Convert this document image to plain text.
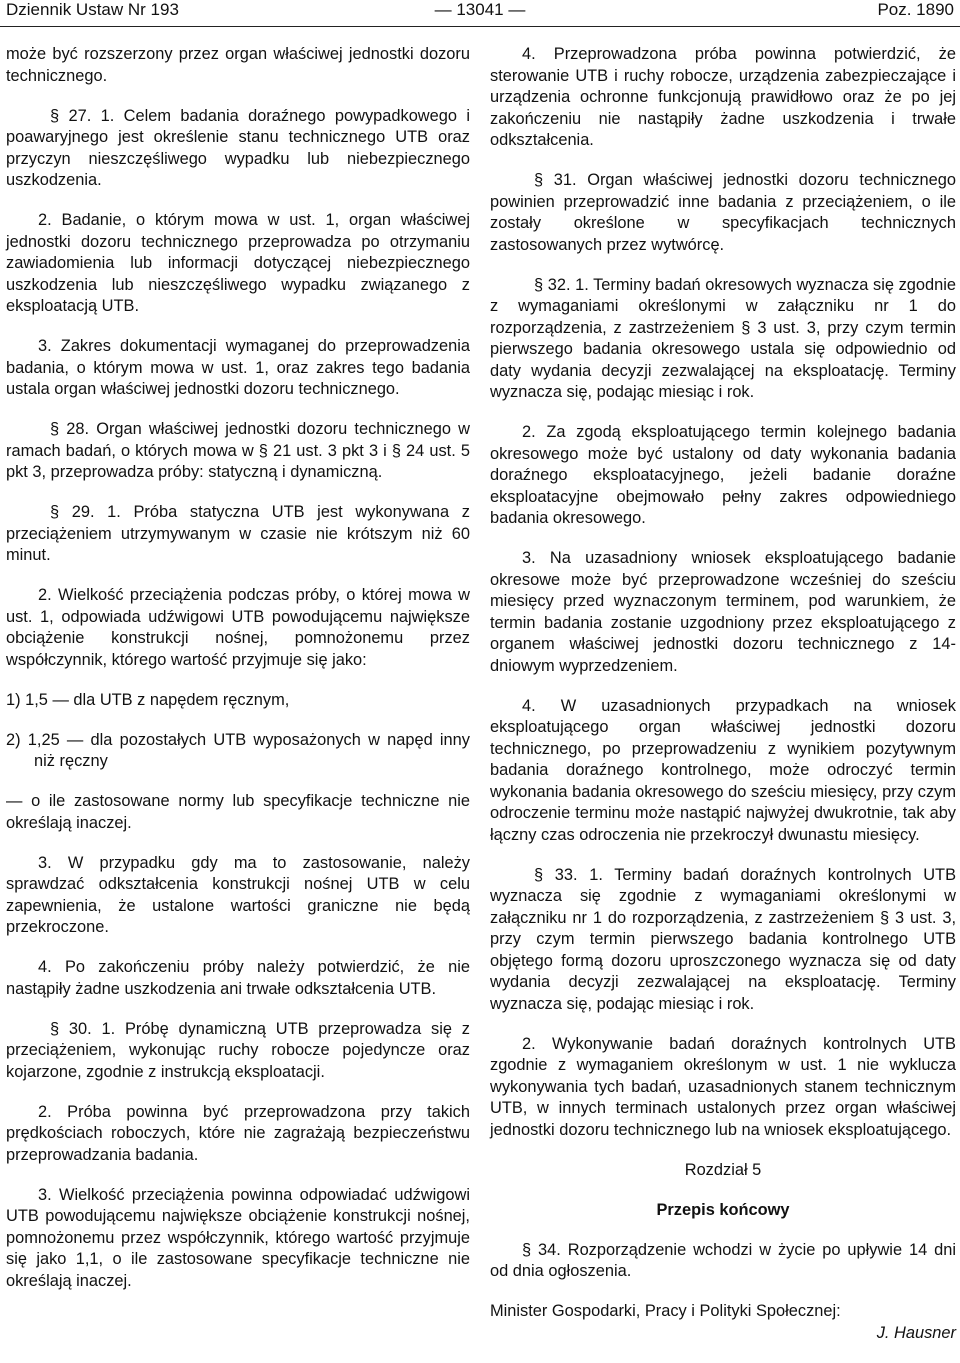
Dziennik Ustaw Nr 193	— 13041 —	Poz. 1890

może być rozszerzony przez organ właściwej jednostki dozoru technicznego.

§ 27. 1. Celem badania doraźnego powypadkowego i poawaryjnego jest określenie stanu technicznego UTB oraz przyczyn nieszczęśliwego wypadku lub niebezpiecznego uszkodzenia.

2. Badanie, o którym mowa w ust. 1, organ właściwej jednostki dozoru technicznego przeprowadza po otrzymaniu zawiadomienia lub informacji dotyczącej niebezpiecznego uszkodzenia lub nieszczęśliwego wypadku związanego z eksploatacją UTB.

3. Zakres dokumentacji wymaganej do przeprowadzenia badania, o którym mowa w ust. 1, oraz zakres tego badania ustala organ właściwej jednostki dozoru technicznego.

§ 28. Organ właściwej jednostki dozoru technicznego w ramach badań, o których mowa w § 21 ust. 3 pkt 3 i § 24 ust. 5 pkt 3, przeprowadza próby: statyczną i dynamiczną.

§ 29. 1. Próba statyczna UTB jest wykonywana z przeciążeniem utrzymywanym w czasie nie krótszym niż 60 minut.

2. Wielkość przeciążenia podczas próby, o której mowa w ust. 1, odpowiada udźwigowi UTB powodującemu największe obciążenie konstrukcji nośnej, pomnożonemu przez współczynnik, którego wartość przyjmuje się jako:

1) 1,5 — dla UTB z napędem ręcznym,

2) 1,25 — dla pozostałych UTB wyposażonych w napęd inny niż ręczny

— o ile zastosowane normy lub specyfikacje techniczne nie określają inaczej.

3. W przypadku gdy ma to zastosowanie, należy sprawdzać odkształcenia konstrukcji nośnej UTB w celu zapewnienia, że ustalone wartości graniczne nie będą przekroczone.

4. Po zakończeniu próby należy potwierdzić, że nie nastąpiły żadne uszkodzenia ani trwałe odkształcenia UTB.

§ 30. 1. Próbę dynamiczną UTB przeprowadza się z przeciążeniem, wykonując ruchy robocze pojedyncze oraz kojarzone, zgodnie z instrukcją eksploatacji.

2. Próba powinna być przeprowadzona przy takich prędkościach roboczych, które nie zagrażają bezpieczeństwu przeprowadzania badania.

3. Wielkość przeciążenia powinna odpowiadać udźwigowi UTB powodującemu największe obciążenie konstrukcji nośnej, pomnożonemu przez współczynnik, którego wartość przyjmuje się jako 1,1, o ile zastosowane specyfikacje techniczne nie określają inaczej.

4. Przeprowadzona próba powinna potwierdzić, że sterowanie UTB i ruchy robocze, urządzenia zabezpieczające i urządzenia ochronne funkcjonują prawidłowo oraz że po jej zakończeniu nie nastąpiły żadne uszkodzenia i trwałe odkształcenia.

§ 31. Organ właściwej jednostki dozoru technicznego powinien przeprowadzić inne badania z przeciążeniem, o ile zostały określone w specyfikacjach technicznych zastosowanych przez wytwórcę.

§ 32. 1. Terminy badań okresowych wyznacza się zgodnie z wymaganiami określonymi w załączniku nr 1 do rozporządzenia, z zastrzeżeniem § 3 ust. 3, przy czym termin pierwszego badania okresowego ustala się odpowiednio od daty wydania decyzji zezwalającej na eksploatację. Terminy wyznacza się, podając miesiąc i rok.

2. Za zgodą eksploatującego termin kolejnego badania okresowego może być ustalony od daty wykonania badania doraźnego eksploatacyjnego, jeżeli badanie doraźne eksploatacyjne obejmowało pełny zakres odpowiedniego badania okresowego.

3. Na uzasadniony wniosek eksploatującego badanie okresowe może być przeprowadzone wcześniej do sześciu miesięcy przed wyznaczonym terminem, pod warunkiem, że termin badania zostanie uzgodniony przez eksploatującego z organem właściwej jednostki dozoru technicznego z 14-dniowym wyprzedzeniem.

4. W uzasadnionych przypadkach na wniosek eksploatującego organ właściwej jednostki dozoru technicznego, po przeprowadzeniu z wynikiem pozytywnym badania doraźnego kontrolnego, może odroczyć termin wykonania badania okresowego do sześciu miesięcy, przy czym odroczenie terminu może nastąpić najwyżej dwukrotnie, tak aby łączny czas odroczenia nie przekroczył dwunastu miesięcy.

§ 33. 1. Terminy badań doraźnych kontrolnych UTB wyznacza się zgodnie z wymaganiami określonymi w załączniku nr 1 do rozporządzenia, z zastrzeżeniem § 3 ust. 3, przy czym termin pierwszego badania kontrolnego UTB objętego formą dozoru uproszczonego wyznacza się od daty wydania decyzji zezwalającej na eksploatację. Terminy wyznacza się, podając miesiąc i rok.

2. Wykonywanie badań doraźnych kontrolnych UTB zgodnie z wymaganiem określonym w ust. 1 nie wyklucza wykonywania tych badań, uzasadnionych stanem technicznym UTB, w innych terminach ustalonych przez organ właściwej jednostki dozoru technicznego lub na wniosek eksploatującego.

Rozdział 5

Przepis końcowy

§ 34. Rozporządzenie wchodzi w życie po upływie 14 dni od dnia ogłoszenia.

Minister Gospodarki, Pracy i Polityki Społecznej:

J. Hausner
